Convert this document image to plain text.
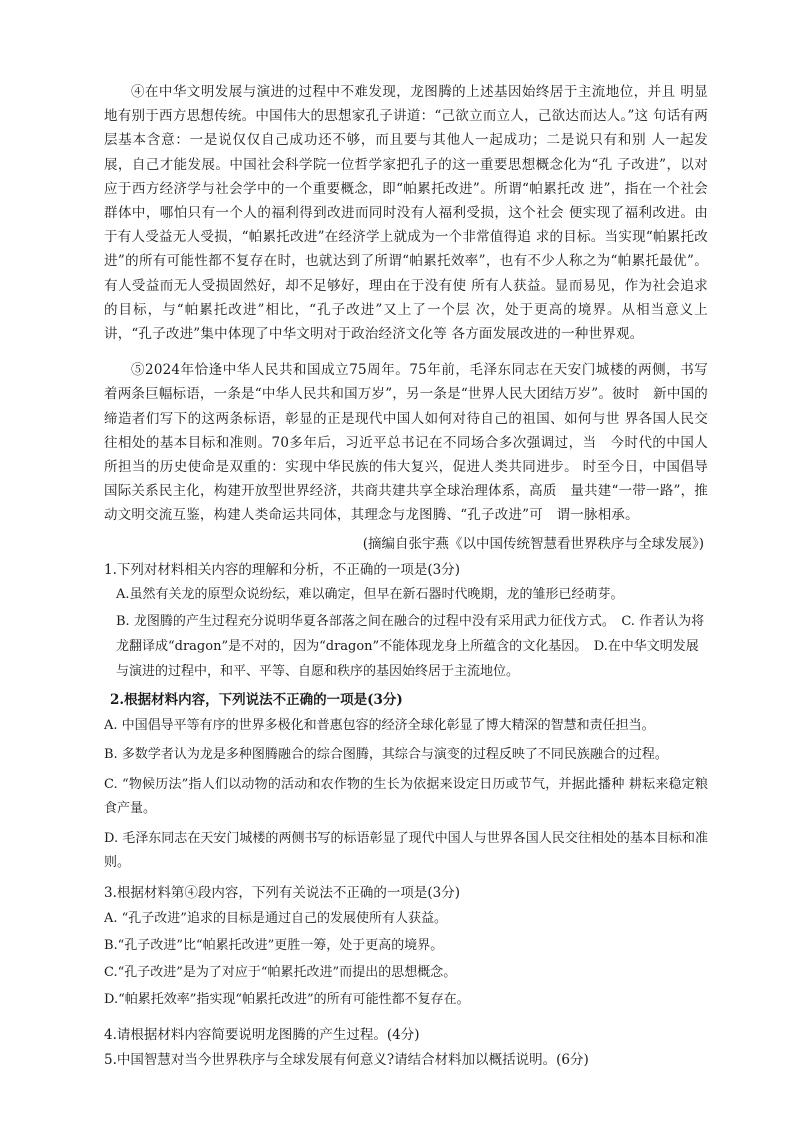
④在中华文明发展与演进的过程中不难发现，龙图腾的上述基因始终居于主流地位，并且 明显地有别于西方思想传统。中国伟大的思想家孔子讲道：“己欲立而立人，己欲达而达人。”这 句话有两层基本含意：一是说仅仅自己成功还不够，而且要与其他人一起成功；二是说只有和别 人一起发展，自己才能发展。中国社会科学院一位哲学家把孔子的这一重要思想概念化为“孔 子改进”，以对应于西方经济学与社会学中的一个重要概念，即“帕累托改进”。所谓“帕累托改 进”，指在一个社会群体中，哪怕只有一个人的福利得到改进而同时没有人福利受损，这个社会 便实现了福利改进。由于有人受益无人受损，“帕累托改进”在经济学上就成为一个非常值得追 求的目标。当实现“帕累托改进”的所有可能性都不复存在时，也就达到了所谓“帕累托效率”，也有不少人称之为“帕累托最优”。有人受益而无人受损固然好，却不足够好，理由在于没有使 所有人获益。显而易见，作为社会追求的目标，与“帕累托改进”相比，“孔子改进”又上了一个层 次，处于更高的境界。从相当意义上讲，“孔子改进”集中体现了中华文明对于政治经济文化等 各方面发展改进的一种世界观。

⑤2024年恰逢中华人民共和国成立75周年。75年前，毛泽东同志在天安门城楼的两侧，书写着两条巨幅标语，一条是“中华人民共和国万岁”，另一条是“世界人民大团结万岁”。彼时　新中国的缔造者们写下的这两条标语，彰显的正是现代中国人如何对待自己的祖国、如何与世 界各国人民交往相处的基本目标和准则。70多年后，习近平总书记在不同场合多次强调过，当　今时代的中国人所担当的历史使命是双重的：实现中华民族的伟大复兴，促进人类共同进步。 时至今日，中国倡导国际关系民主化，构建开放型世界经济，共商共建共享全球治理体系，高质　量共建“一带一路”，推动文明交流互鉴，构建人类命运共同体，其理念与龙图腾、“孔子改进”可　谓一脉相承。

(摘编自张宇燕《以中国传统智慧看世界秩序与全球发展》)

1.下列对材料相关内容的理解和分析，不正确的一项是(3分)

A.虽然有关龙的原型众说纷纭，难以确定，但早在新石器时代晚期，龙的雏形已经萌芽。

B. 龙图腾的产生过程充分说明华夏各部落之间在融合的过程中没有采用武力征伐方式。　C. 作者认为将龙翻译成“dragon”是不对的，因为“dragon”不能体现龙身上所蕴含的文化基因。　D.在中华文明发展与演进的过程中，和平、平等、自愿和秩序的基因始终居于主流地位。

2.根据材料内容，下列说法不正确的一项是(3分)

A. 中国倡导平等有序的世界多极化和普惠包容的经济全球化彰显了博大精深的智慧和责任担当。

B. 多数学者认为龙是多种图腾融合的综合图腾，其综合与演变的过程反映了不同民族融合的过程。

C. “物候历法”指人们以动物的活动和农作物的生长为依据来设定日历或节气，并据此播种 耕耘来稳定粮食产量。

D. 毛泽东同志在天安门城楼的两侧书写的标语彰显了现代中国人与世界各国人民交往相处的基本目标和准则。

3.根据材料第④段内容，下列有关说法不正确的一项是(3分)

A. “孔子改进”追求的目标是通过自己的发展使所有人获益。

B.“孔子改进”比“帕累托改进”更胜一筹，处于更高的境界。

C.“孔子改进”是为了对应于“帕累托改进”而提出的思想概念。

D.“帕累托效率”指实现“帕累托改进”的所有可能性都不复存在。

4.请根据材料内容简要说明龙图腾的产生过程。(4分)

5.中国智慧对当今世界秩序与全球发展有何意义?请结合材料加以概括说明。(6分)
